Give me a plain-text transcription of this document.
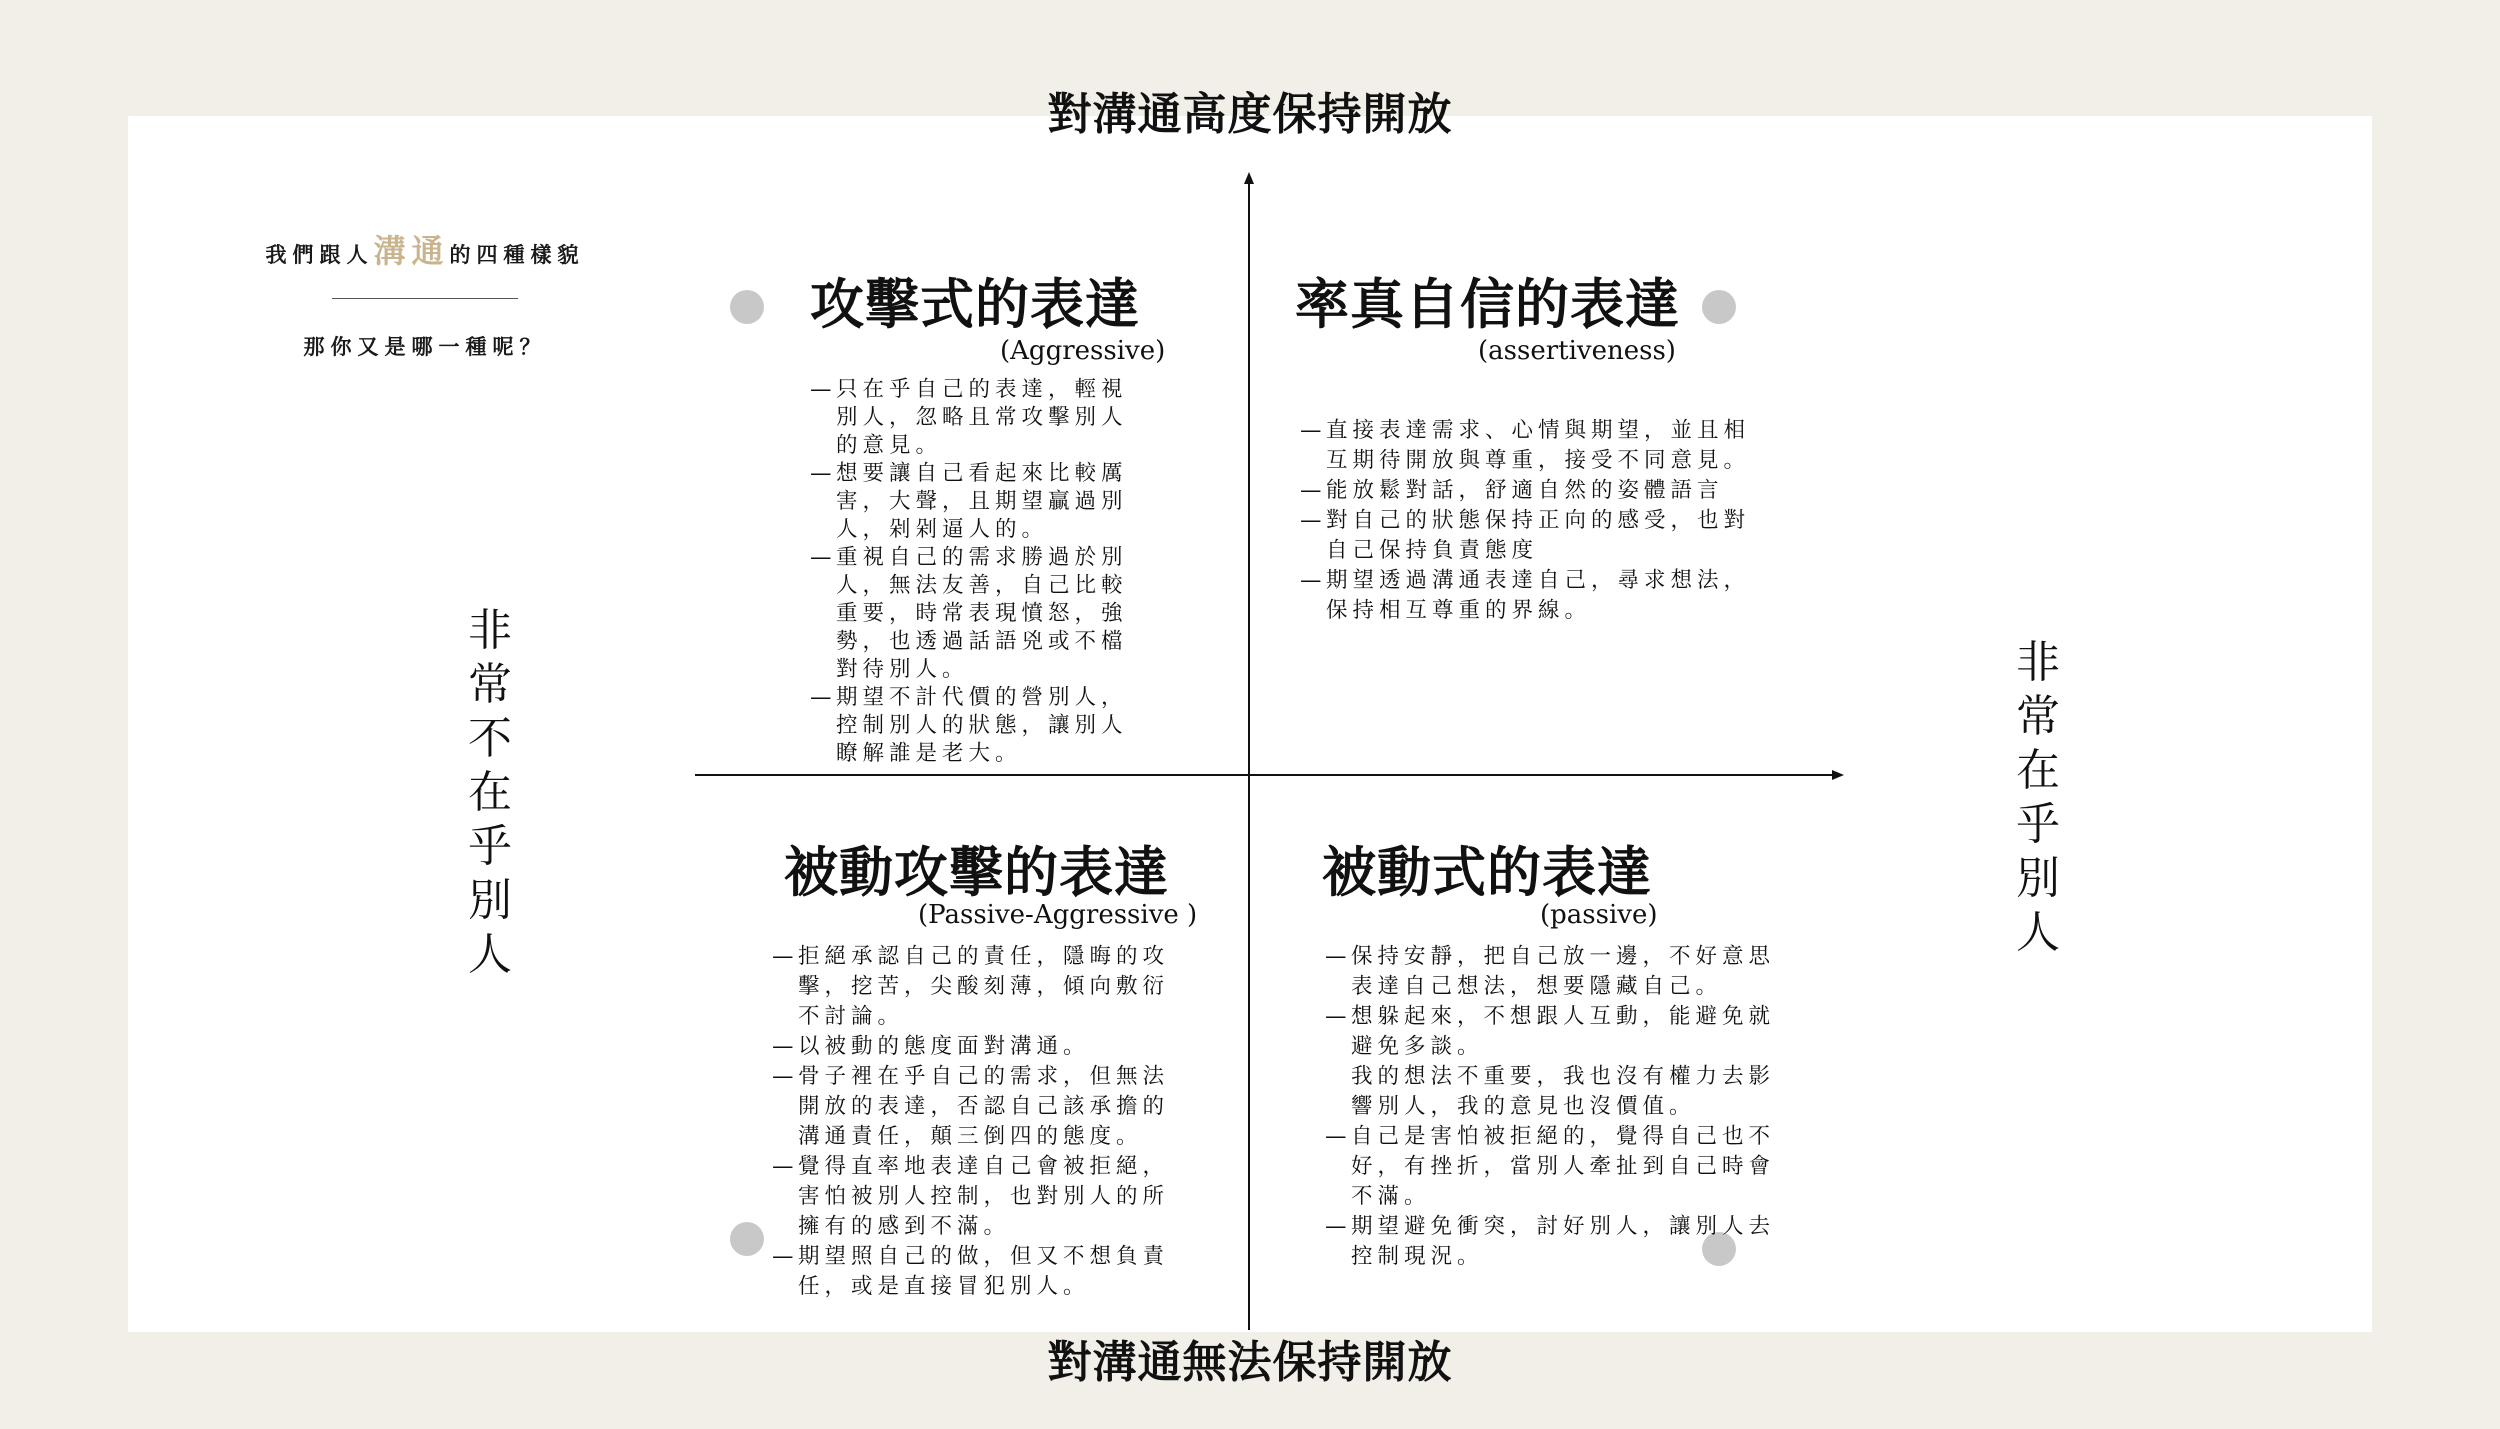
對溝通高度保持開放
對溝通無法保持開放
非常不在乎別人
非常在乎別人
我們跟人溝通的四種樣貌
那你又是哪一種呢？
攻擊式的表達
(Aggressive)
— 只在乎自己的表達，輕視別人，忽略且常攻擊別人的意見。
— 想要讓自己看起來比較厲害，大聲，且期望贏過別人，剁剁逼人的。
— 重視自己的需求勝過於別人，無法友善，自己比較重要，時常表現憤怒，強勢，也透過話語兇或不檔對待別人。
— 期望不計代價的營別人，控制別人的狀態，讓別人瞭解誰是老大。
率真自信的表達
(assertiveness)
— 直接表達需求、心情與期望，並且相互期待開放與尊重，接受不同意見。
— 能放鬆對話，舒適自然的姿體語言
— 對自己的狀態保持正向的感受，也對自己保持負責態度
— 期望透過溝通表達自己，尋求想法，保持相互尊重的界線。
被動攻擊的表達
(Passive-Aggressive )
— 拒絕承認自己的責任，隱晦的攻擊，挖苦，尖酸刻薄，傾向敷衍不討論。
— 以被動的態度面對溝通。
— 骨子裡在乎自己的需求，但無法開放的表達，否認自己該承擔的溝通責任，顛三倒四的態度。
— 覺得直率地表達自己會被拒絕，害怕被別人控制，也對別人的所擁有的感到不滿。
— 期望照自己的做，但又不想負責任，或是直接冒犯別人。
被動式的表達
(passive)
— 保持安靜，把自己放一邊，不好意思表達自己想法，想要隱藏自己。
— 想躲起來，不想跟人互動，能避免就避免多談。
我的想法不重要，我也沒有權力去影響別人，我的意見也沒價值。
— 自己是害怕被拒絕的，覺得自己也不好，有挫折，當別人牽扯到自己時會不滿。
— 期望避免衝突，討好別人，讓別人去控制現況。
